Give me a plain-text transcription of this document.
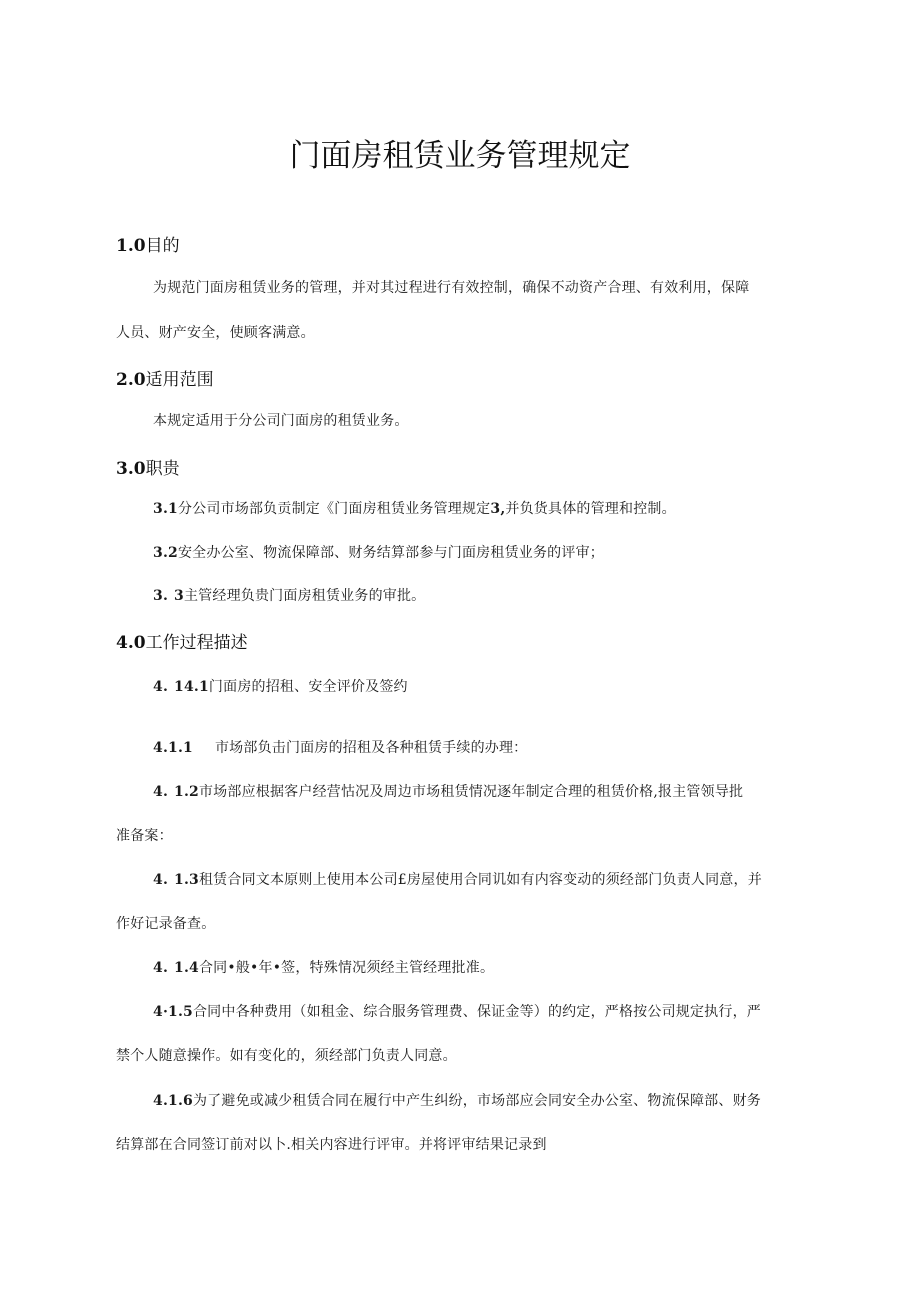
门面房租赁业务管理规定
1.0目的
为规范门面房租赁业务的管理，并对其过程进行有效控制，确保不动资产合理、有效利用，保障
人员、财产安全，使顾客满意。
2.0适用范围
本规定适用于分公司门面房的租赁业务。
3.0职贵
3.1分公司市场部负贡制定《门面房租赁业务管理规定3,并负货具体的管理和控制。
3.2安全办公室、物流保障部、财务结算部参与门面房租赁业务的评审；
3. 3主管经理负贵门面房租赁业务的审批。
4.0工作过程描述
4. 14.1门面房的招租、安全评价及签约
4.1.1 市场部负击门面房的招租及各种租赁手续的办理：
4. 1.2市场部应根据客户经营怙况及周边市场租赁情况逐年制定合理的租赁价格,报主管领导批
准备案：
4. 1.3租赁合同文本原则上使用本公司£房屋使用合同讥如有内容变动的须经部门负责人同意，并
作好记录备查。
4. 1.4合同•般•年•签，特殊情况须经主管经理批准。
4·1.5合同中各种费用（如租金、综合服务管理费、保证金等）的约定，严格按公司规定执行，严
禁个人随意操作。如有变化的，须经部门负责人同意。
4.1.6为了避免或减少租赁合同在履行中产生纠纷，市场部应会同安全办公室、物流保障部、财务
结算部在合同签订前对以卜.相关内容进行评审。并将评审结果记录到
